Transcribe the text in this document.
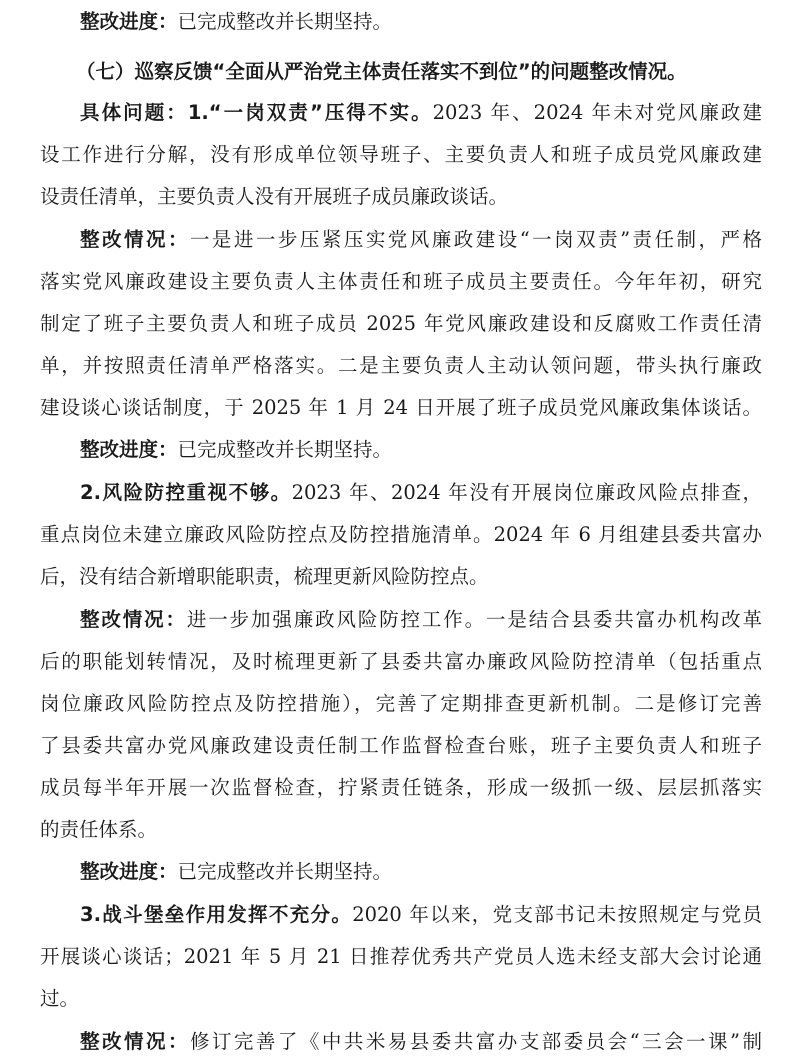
整改进度：已完成整改并长期坚持。
（七）巡察反馈“全面从严治党主体责任落实不到位”的问题整改情况。
具体问题：1.“一岗双责”压得不实。2023 年、2024 年未对党风廉政建
设工作进行分解，没有形成单位领导班子、主要负责人和班子成员党风廉政建
设责任清单，主要负责人没有开展班子成员廉政谈话。
整改情况：一是进一步压紧压实党风廉政建设“一岗双责”责任制，严格
落实党风廉政建设主要负责人主体责任和班子成员主要责任。今年年初，研究
制定了班子主要负责人和班子成员 2025 年党风廉政建设和反腐败工作责任清
单，并按照责任清单严格落实。二是主要负责人主动认领问题，带头执行廉政
建设谈心谈话制度，于 2025 年 1 月 24 日开展了班子成员党风廉政集体谈话。
整改进度：已完成整改并长期坚持。
2.风险防控重视不够。2023 年、2024 年没有开展岗位廉政风险点排查，
重点岗位未建立廉政风险防控点及防控措施清单。2024 年 6 月组建县委共富办
后，没有结合新增职能职责，梳理更新风险防控点。
整改情况：进一步加强廉政风险防控工作。一是结合县委共富办机构改革
后的职能划转情况，及时梳理更新了县委共富办廉政风险防控清单（包括重点
岗位廉政风险防控点及防控措施），完善了定期排查更新机制。二是修订完善
了县委共富办党风廉政建设责任制工作监督检查台账，班子主要负责人和班子
成员每半年开展一次监督检查，拧紧责任链条，形成一级抓一级、层层抓落实
的责任体系。
整改进度：已完成整改并长期坚持。
3.战斗堡垒作用发挥不充分。2020 年以来，党支部书记未按照规定与党员
开展谈心谈话；2021 年 5 月 21 日推荐优秀共产党员人选未经支部大会讨论通
过。
整改情况：修订完善了《中共米易县委共富办支部委员会“三会一课”制
